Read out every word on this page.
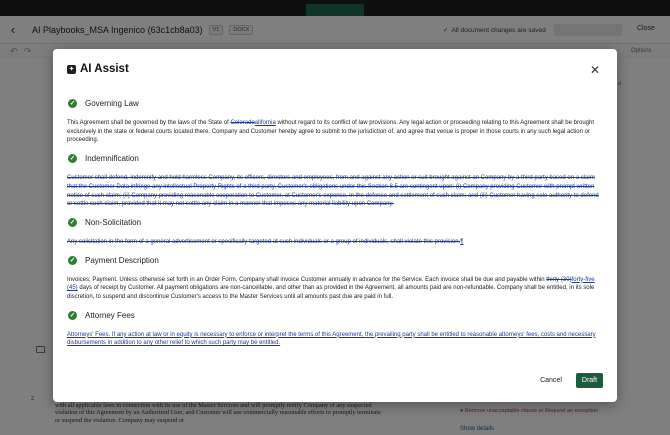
✦ AI Assist	✕
✓ Governing Law
This Agreement shall be governed by the laws of the State of Coloradoalifornia without regard to its conflict of law provisions. Any legal action or proceeding relating to this Agreement shall be brought exclusively in the state or federal courts located there. Company and Customer hereby agree to submit to the jurisdiction of, and agree that venue is proper in those courts in any such legal action or proceeding.
✓ Indemnification
Customer shall defend, indemnify and hold harmless Company, its officers, directors and employees, from and against any action or suit brought against an Company by a third party based on a claim that the Customer Data infringe any intellectual Property Rights of a third party. Customer's obligations under this Section 8.5 are contingent upon: (i) Company providing Customer with prompt written notice of such claim; (ii) Company providing reasonable cooperation to Customer, at Customer's expense, in the defense and settlement of such claim; and (iii) Customer having sole authority to defend or settle such claim, provided that it may not settle any claim in a manner that imposes any material liability upon Company.
✓ Non-Solicitation
Any solicitation in the form of a general advertisement or specifically targeted at such individuals or a group of individuals, shall violate this provision.¶
✓ Payment Description
Invoices; Payment. Unless otherwise set forth in an Order Form, Company shall invoice Customer annually in advance for the Service. Each invoice shall be due and payable within thirty (30)forty-five (45) days of receipt by Customer. All payment obligations are non-cancellable, and other than as provided in the Agreement, all amounts paid are non-refundable. Company shall be entitled, in its sole discretion, to suspend and discontinue Customer's access to the Master Services until all amounts past due are paid in full.
✓ Attorney Fees
Attorneys' Fees. If any action at law or in equity is necessary to enforce or interpret the terms of this Agreement, the prevailing party shall be entitled to reasonable attorneys' fees, costs and necessary disbursements in addition to any other relief to which such party may be entitled.
Cancel	Draft
